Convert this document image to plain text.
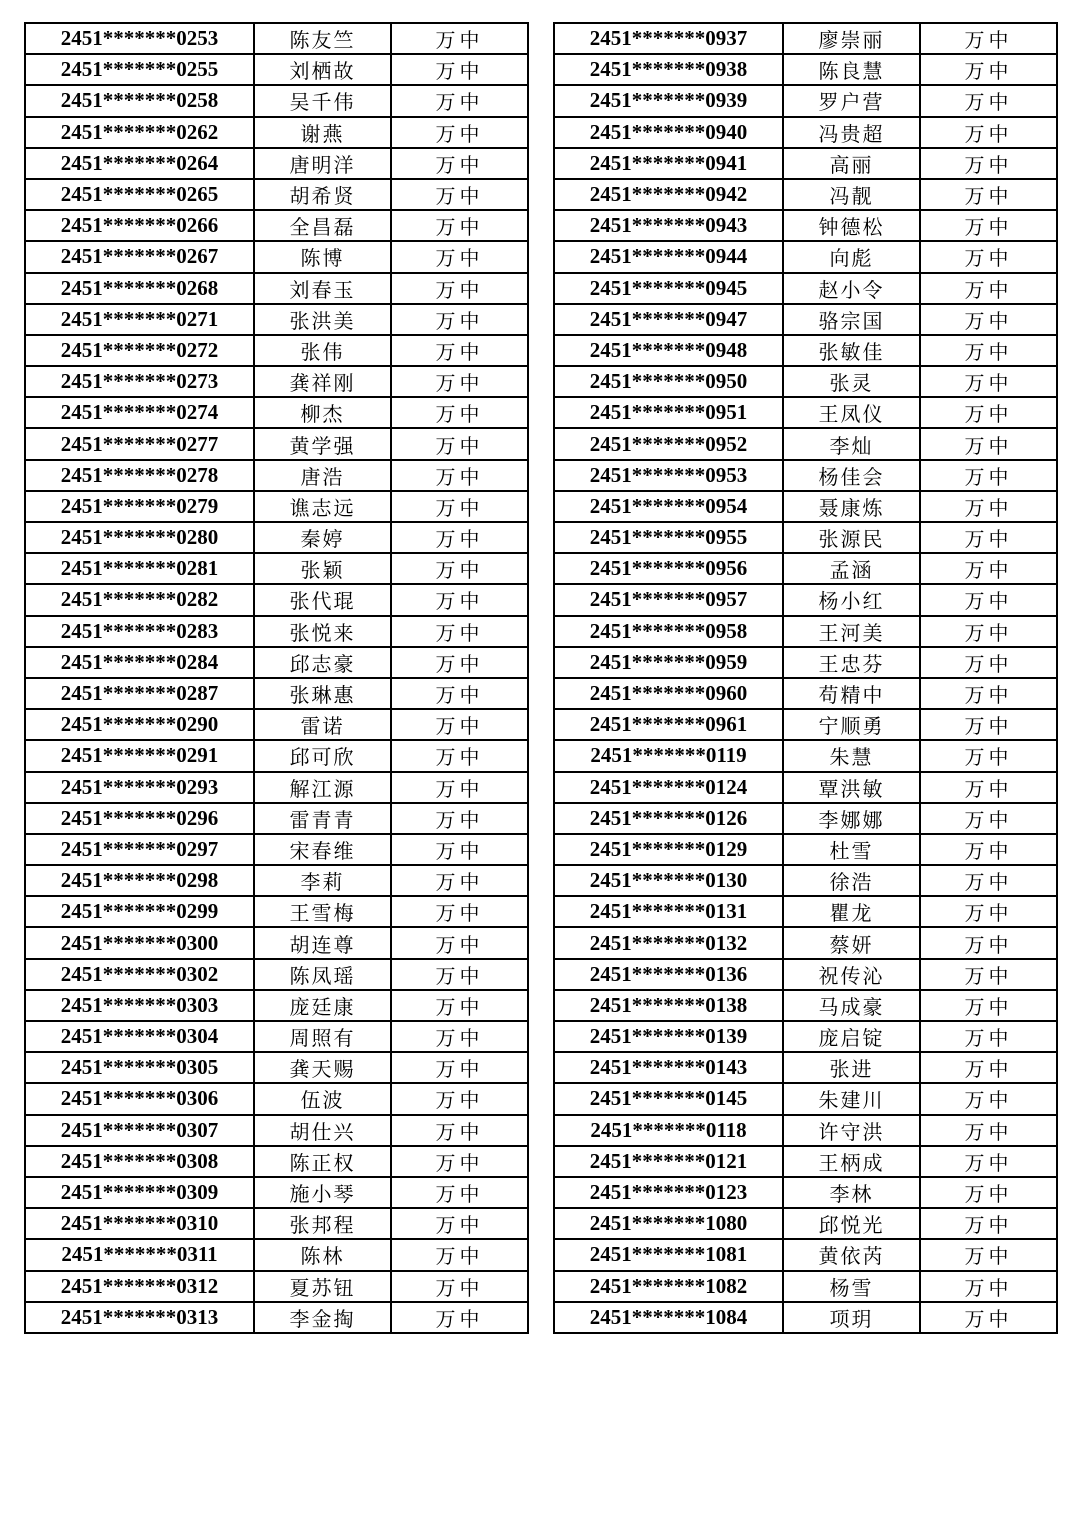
2451*******0253	陈友竺	万中
2451*******0255	刘栖故	万中
2451*******0258	吴千伟	万中
2451*******0262	谢燕	万中
2451*******0264	唐明洋	万中
2451*******0265	胡希贤	万中
2451*******0266	全昌磊	万中
2451*******0267	陈博	万中
2451*******0268	刘春玉	万中
2451*******0271	张洪美	万中
2451*******0272	张伟	万中
2451*******0273	龚祥刚	万中
2451*******0274	柳杰	万中
2451*******0277	黄学强	万中
2451*******0278	唐浩	万中
2451*******0279	谯志远	万中
2451*******0280	秦婷	万中
2451*******0281	张颖	万中
2451*******0282	张代琨	万中
2451*******0283	张悦来	万中
2451*******0284	邱志豪	万中
2451*******0287	张琳惠	万中
2451*******0290	雷诺	万中
2451*******0291	邱可欣	万中
2451*******0293	解江源	万中
2451*******0296	雷青青	万中
2451*******0297	宋春维	万中
2451*******0298	李莉	万中
2451*******0299	王雪梅	万中
2451*******0300	胡连尊	万中
2451*******0302	陈凤瑶	万中
2451*******0303	庞廷康	万中
2451*******0304	周照有	万中
2451*******0305	龚天赐	万中
2451*******0306	伍波	万中
2451*******0307	胡仕兴	万中
2451*******0308	陈正权	万中
2451*******0309	施小琴	万中
2451*******0310	张邦程	万中
2451*******0311	陈林	万中
2451*******0312	夏苏钮	万中
2451*******0313	李金掏	万中
2451*******0937	廖崇丽	万中
2451*******0938	陈良慧	万中
2451*******0939	罗户营	万中
2451*******0940	冯贵超	万中
2451*******0941	高丽	万中
2451*******0942	冯靓	万中
2451*******0943	钟德松	万中
2451*******0944	向彪	万中
2451*******0945	赵小令	万中
2451*******0947	骆宗国	万中
2451*******0948	张敏佳	万中
2451*******0950	张灵	万中
2451*******0951	王凤仪	万中
2451*******0952	李灿	万中
2451*******0953	杨佳会	万中
2451*******0954	聂康炼	万中
2451*******0955	张源民	万中
2451*******0956	孟涵	万中
2451*******0957	杨小红	万中
2451*******0958	王河美	万中
2451*******0959	王忠芬	万中
2451*******0960	苟精中	万中
2451*******0961	宁顺勇	万中
2451*******0119	朱慧	万中
2451*******0124	覃洪敏	万中
2451*******0126	李娜娜	万中
2451*******0129	杜雪	万中
2451*******0130	徐浩	万中
2451*******0131	瞿龙	万中
2451*******0132	蔡妍	万中
2451*******0136	祝传沁	万中
2451*******0138	马成豪	万中
2451*******0139	庞启锭	万中
2451*******0143	张进	万中
2451*******0145	朱建川	万中
2451*******0118	许守洪	万中
2451*******0121	王柄成	万中
2451*******0123	李林	万中
2451*******1080	邱悦光	万中
2451*******1081	黄依芮	万中
2451*******1082	杨雪	万中
2451*******1084	项玥	万中
